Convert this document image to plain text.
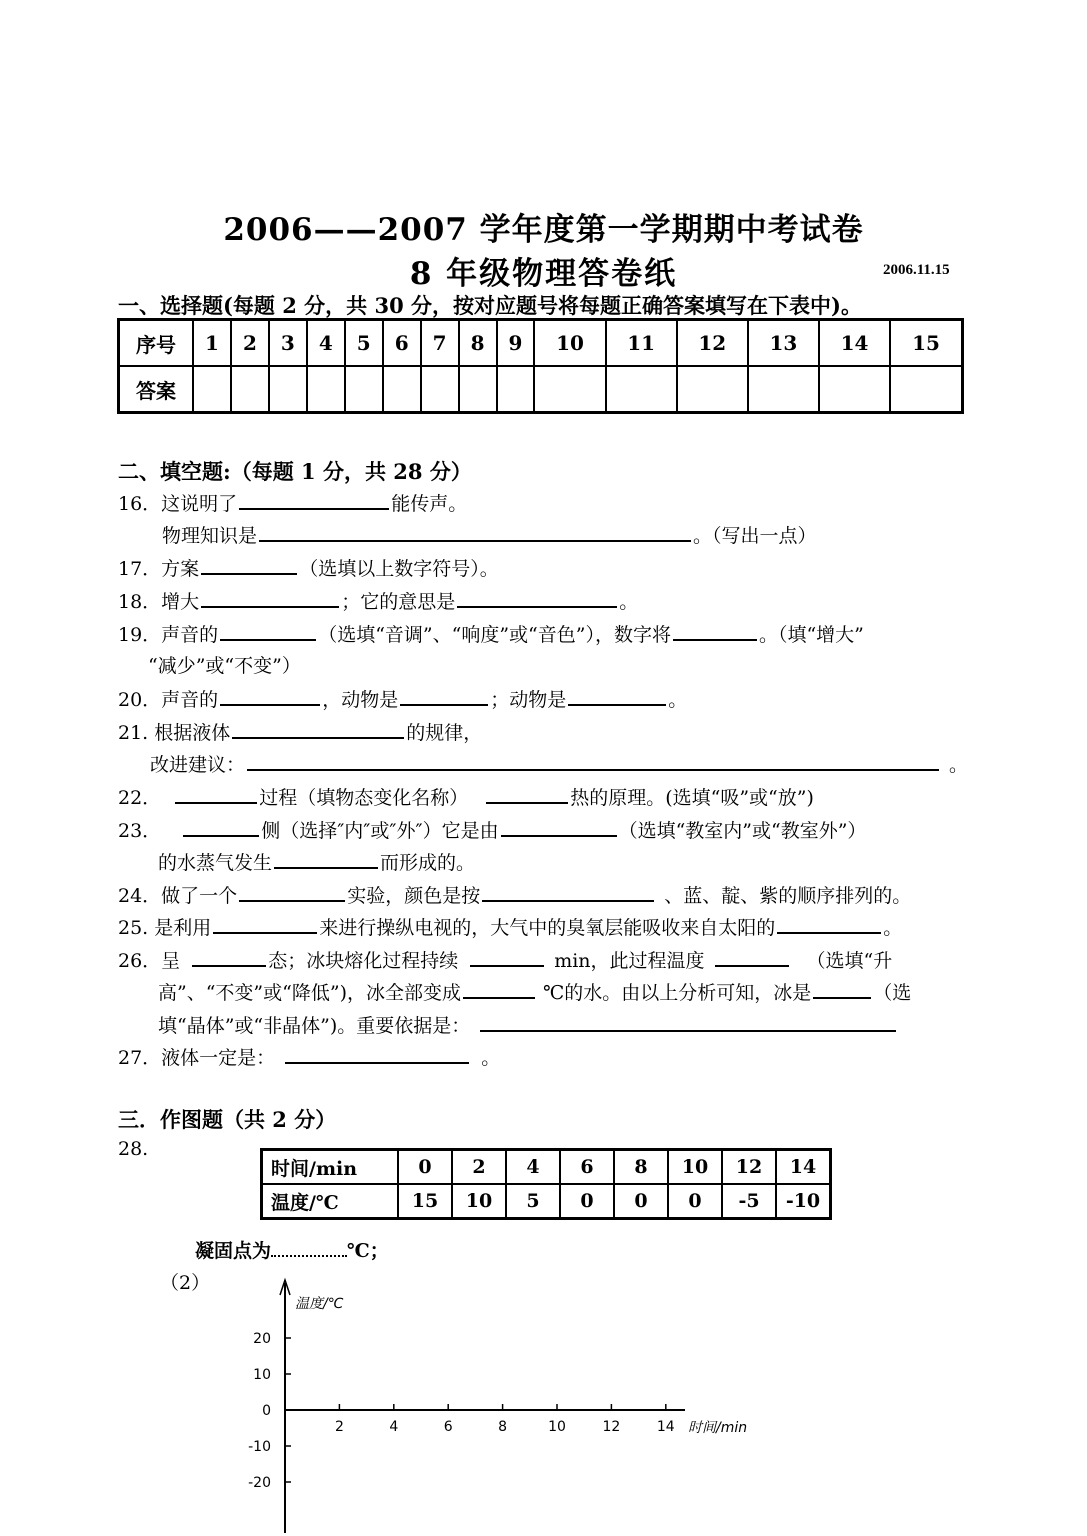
2006——2007 学年度第一学期期中考试卷
8 年级物理答卷纸	2006.11.15
一、选择题(每题 2 分，共 30 分，按对应题号将每题正确答案填写在下表中)。
序号	1	2	3	4	5	6	7	8	9	10	11	12	13	14	15
答案															
二、填空题:（每题 1 分，共 28 分）
16．这说明了	能传声。
物理知识是	。（写出一点）
17．方案	（选填以上数字符号）。
18．增大	；它的意思是	。
19．声音的	（选填“音调”、“响度”或“音色”），数字将	。（填“增大”
“减少”或“不变”）
20．声音的	，动物是	；动物是	。
21. 根据液体	的规律，
改进建议：	。
22．	过程（填物态变化名称）	热的原理。(选填“吸”或“放”)
23．	侧（选择″内″或″外″）它是由	（选填“教室内”或“教室外”）
的水蒸气发生	而形成的。
24．做了一个	实验，颜色是按	、蓝、靛、紫的顺序排列的。
25. 是利用	来进行操纵电视的，大气中的臭氧层能吸收来自太阳的	。
26．呈	态；冰块熔化过程持续	min，此过程温度	（选填“升
高”、“不变”或“降低”)，冰全部变成	℃的水。由以上分析可知，冰是	（选
填“晶体”或“非晶体”)。重要依据是：
27．液体一定是：	。
三．作图题（共 2 分）
28.
时间/min	0	2	4	6	8	10	12	14
温度/℃	15	10	5	0	0	0	-5	-10
凝固点为	℃；
（2）
20
10
0
-10
-20
2	4	6	8	10	12	14
温度/℃
时间/min
